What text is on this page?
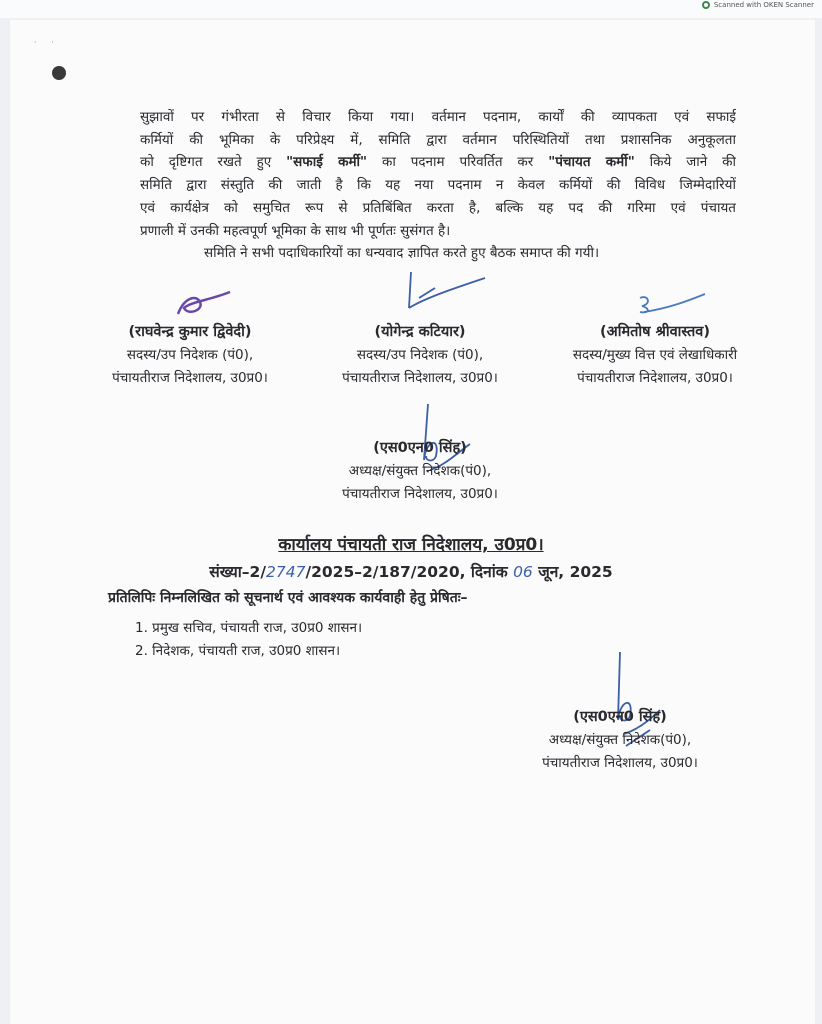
Scanned with OKEN Scanner
· ·
सुझावों पर गंभीरता से विचार किया गया। वर्तमान पदनाम, कार्यों की व्यापकता एवं सफाई
कर्मियों की भूमिका के परिप्रेक्ष्य में, समिति द्वारा वर्तमान परिस्थितियों तथा प्रशासनिक अनुकूलता
को दृष्टिगत रखते हुए "सफाई कर्मी" का पदनाम परिवर्तित कर "पंचायत कर्मी" किये जाने की
समिति द्वारा संस्तुति की जाती है कि यह नया पदनाम न केवल कर्मियों की विविध जिम्मेदारियों
एवं कार्यक्षेत्र को समुचित रूप से प्रतिबिंबित करता है, बल्कि यह पद की गरिमा एवं पंचायत
प्रणाली में उनकी महत्वपूर्ण भूमिका के साथ भी पूर्णतः सुसंगत है।
समिति ने सभी पदाधिकारियों का धन्यवाद ज्ञापित करते हुए बैठक समाप्त की गयी।
(राघवेन्द्र कुमार द्विवेदी)
सदस्य/उप निदेशक (पं0),
पंचायतीराज निदेशालय, उ0प्र0।
(योगेन्द्र कटियार)
सदस्य/उप निदेशक (पं0),
पंचायतीराज निदेशालय, उ0प्र0।
(अमितोष श्रीवास्तव)
सदस्य/मुख्य वित्त एवं लेखाधिकारी
पंचायतीराज निदेशालय, उ0प्र0।
(एस0एन0 सिंह)
अध्यक्ष/संयुक्त निदेशक(पं0),
पंचायतीराज निदेशालय, उ0प्र0।
कार्यालय पंचायती राज निदेशालय, उ0प्र0।
संख्या–2/2747/2025–2/187/2020, दिनांक 06 जून, 2025
प्रतिलिपिः निम्नलिखित को सूचनार्थ एवं आवश्यक कार्यवाही हेतु प्रेषितः–
1. प्रमुख सचिव, पंचायती राज, उ0प्र0 शासन।
2. निदेशक, पंचायती राज, उ0प्र0 शासन।
(एस0एन0 सिंह)
अध्यक्ष/संयुक्त निदेशक(पं0),
पंचायतीराज निदेशालय, उ0प्र0।
